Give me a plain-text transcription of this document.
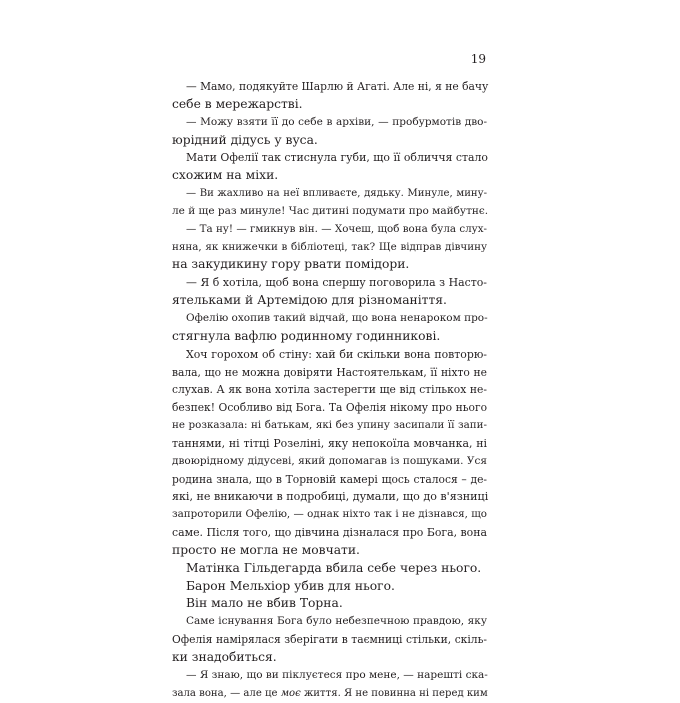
19
— Мамо, подякуйте Шарлю й Агаті. Але ні, я не бачу
себе в мережарстві.
— Можу взяти її до себе в архіви, — пробурмотів дво-
юрідний дідусь у вуса.
Мати Офелії так стиснула губи, що її обличчя стало
схожим на міхи.
— Ви жахливо на неї впливаєте, дядьку. Минуле, мину-
ле й ще раз минуле! Час дитині подумати про майбутнє.
— Та ну! — гмикнув він. — Хочеш, щоб вона була слух-
няна, як книжечки в бібліотеці, так? Ще відправ дівчину
на закудикину гору рвати помідори.
— Я б хотіла, щоб вона спершу поговорила з Насто-
ятельками й Артемідою для різноманіття.
Офелію охопив такий відчай, що вона ненароком про-
стягнула вафлю родинному годинникові.
Хоч горохом об стіну: хай би скільки вона повторю-
вала, що не можна довіряти Настоятелькам, її ніхто не
слухав. А як вона хотіла застерегти ще від стількох не-
безпек! Особливо від Бога. Та Офелія нікому про нього
не розказала: ні батькам, які без упину засипали її запи-
таннями, ні тітці Розеліні, яку непокоїла мовчанка, ні
двоюрідному дідусеві, який допомагав із пошуками. Уся
родина знала, що в Торновій камері щось сталося – де-
які, не вникаючи в подробиці, думали, що до в'язниці
запроторили Офелію, — однак ніхто так і не дізнався, що
саме. Після того, що дівчина дізналася про Бога, вона
просто не могла не мовчати.
Матінка Гільдегарда вбила себе через нього.
Барон Мельхіор убив для нього.
Він мало не вбив Торна.
Саме існування Бога було небезпечною правдою, яку
Офелія намірялася зберігати в таємниці стільки, скіль-
ки знадобиться.
— Я знаю, що ви піклуєтеся про мене, — нарешті ска-
зала вона, — але це моє життя. Я не повинна ні перед ким
